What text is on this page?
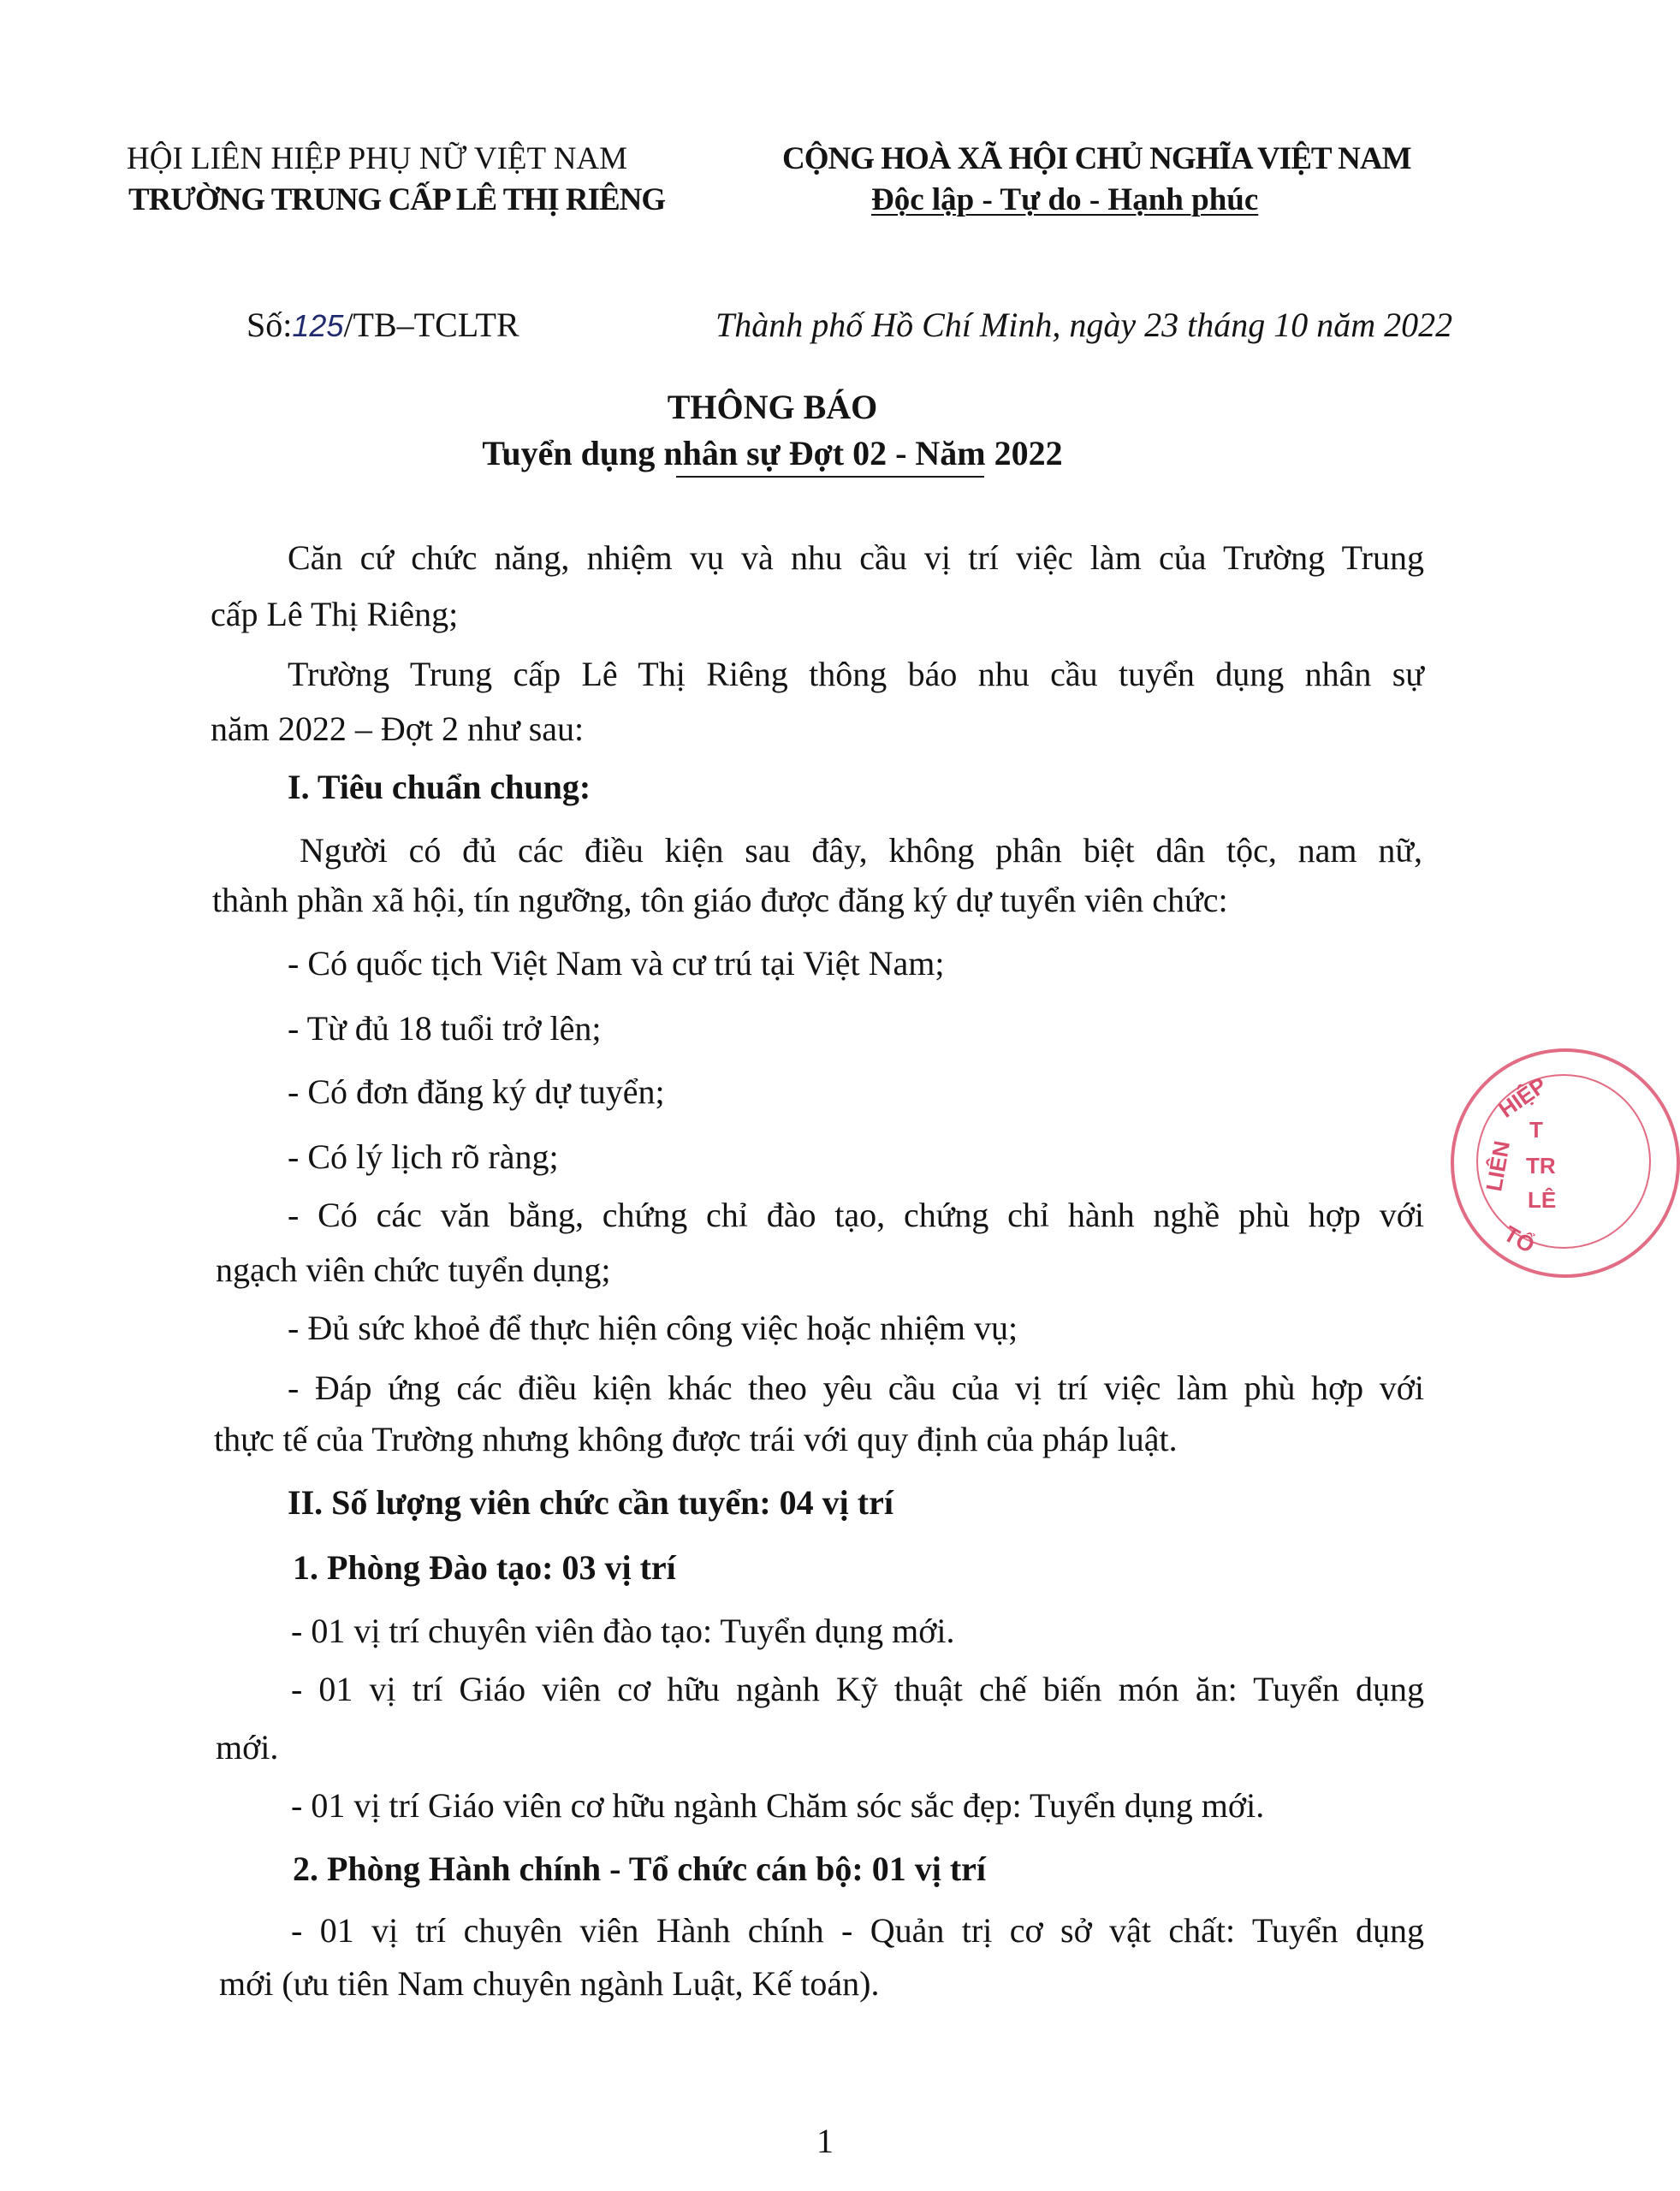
HỘI LIÊN HIỆP PHỤ NỮ VIỆT NAM
TRƯỜNG TRUNG CẤP LÊ THỊ RIÊNG
CỘNG HOÀ XÃ HỘI CHỦ NGHĨA VIỆT NAM
Độc lập - Tự do - Hạnh phúc
Số:125/TB–TCLTR	Thành phố Hồ Chí Minh, ngày 23 tháng 10 năm 2022
THÔNG BÁO
Tuyển dụng nhân sự Đợt 02 - Năm 2022
Căn cứ chức năng, nhiệm vụ và nhu cầu vị trí việc làm của Trường Trung
cấp Lê Thị Riêng;
Trường Trung cấp Lê Thị Riêng thông báo nhu cầu tuyển dụng nhân sự
năm 2022 – Đợt 2 như sau:
I. Tiêu chuẩn chung:
Người có đủ các điều kiện sau đây, không phân biệt dân tộc, nam nữ,
thành phần xã hội, tín ngưỡng, tôn giáo được đăng ký dự tuyển viên chức:
- Có quốc tịch Việt Nam và cư trú tại Việt Nam;
- Từ đủ 18 tuổi trở lên;
- Có đơn đăng ký dự tuyển;
- Có lý lịch rõ ràng;
- Có các văn bằng, chứng chỉ đào tạo, chứng chỉ hành nghề phù hợp với
ngạch viên chức tuyển dụng;
- Đủ sức khoẻ để thực hiện công việc hoặc nhiệm vụ;
- Đáp ứng các điều kiện khác theo yêu cầu của vị trí việc làm phù hợp với
thực tế của Trường nhưng không được trái với quy định của pháp luật.
II. Số lượng viên chức cần tuyển: 04 vị trí
1. Phòng Đào tạo: 03 vị trí
- 01 vị trí chuyên viên đào tạo: Tuyển dụng mới.
- 01 vị trí Giáo viên cơ hữu ngành Kỹ thuật chế biến món ăn: Tuyển dụng
mới.
- 01 vị trí Giáo viên cơ hữu ngành Chăm sóc sắc đẹp: Tuyển dụng mới.
2. Phòng Hành chính - Tổ chức cán bộ: 01 vị trí
- 01 vị trí chuyên viên Hành chính - Quản trị cơ sở vật chất: Tuyển dụng
mới (ưu tiên Nam chuyên ngành Luật, Kế toán).
1
LIÊN
HIỆP
T
TR
LÊ
TỔ
